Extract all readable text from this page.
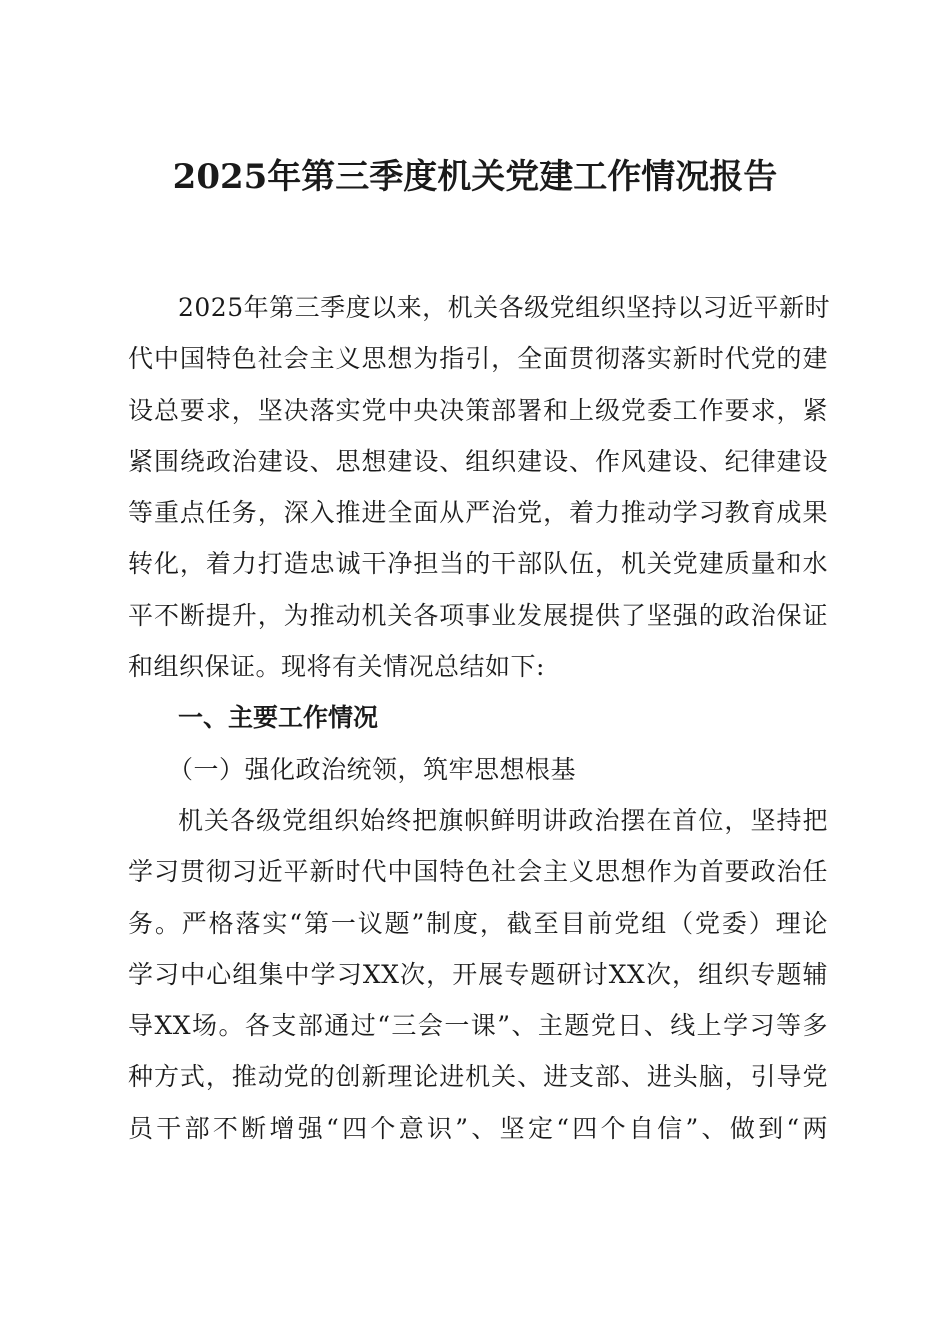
2025年第三季度机关党建工作情况报告
2025年第三季度以来，机关各级党组织坚持以习近平新时
代中国特色社会主义思想为指引，全面贯彻落实新时代党的建
设总要求，坚决落实党中央决策部署和上级党委工作要求，紧
紧围绕政治建设、思想建设、组织建设、作风建设、纪律建设
等重点任务，深入推进全面从严治党，着力推动学习教育成果
转化，着力打造忠诚干净担当的干部队伍，机关党建质量和水
平不断提升，为推动机关各项事业发展提供了坚强的政治保证
和组织保证。现将有关情况总结如下:
一、主要工作情况
（一）强化政治统领，筑牢思想根基
机关各级党组织始终把旗帜鲜明讲政治摆在首位，坚持把
学习贯彻习近平新时代中国特色社会主义思想作为首要政治任
务。严格落实“第一议题”制度，截至目前党组（党委）理论
学习中心组集中学习XX次，开展专题研讨XX次，组织专题辅
导XX场。各支部通过“三会一课”、主题党日、线上学习等多
种方式，推动党的创新理论进机关、进支部、进头脑，引导党
员干部不断增强“四个意识”、坚定“四个自信”、做到“两
